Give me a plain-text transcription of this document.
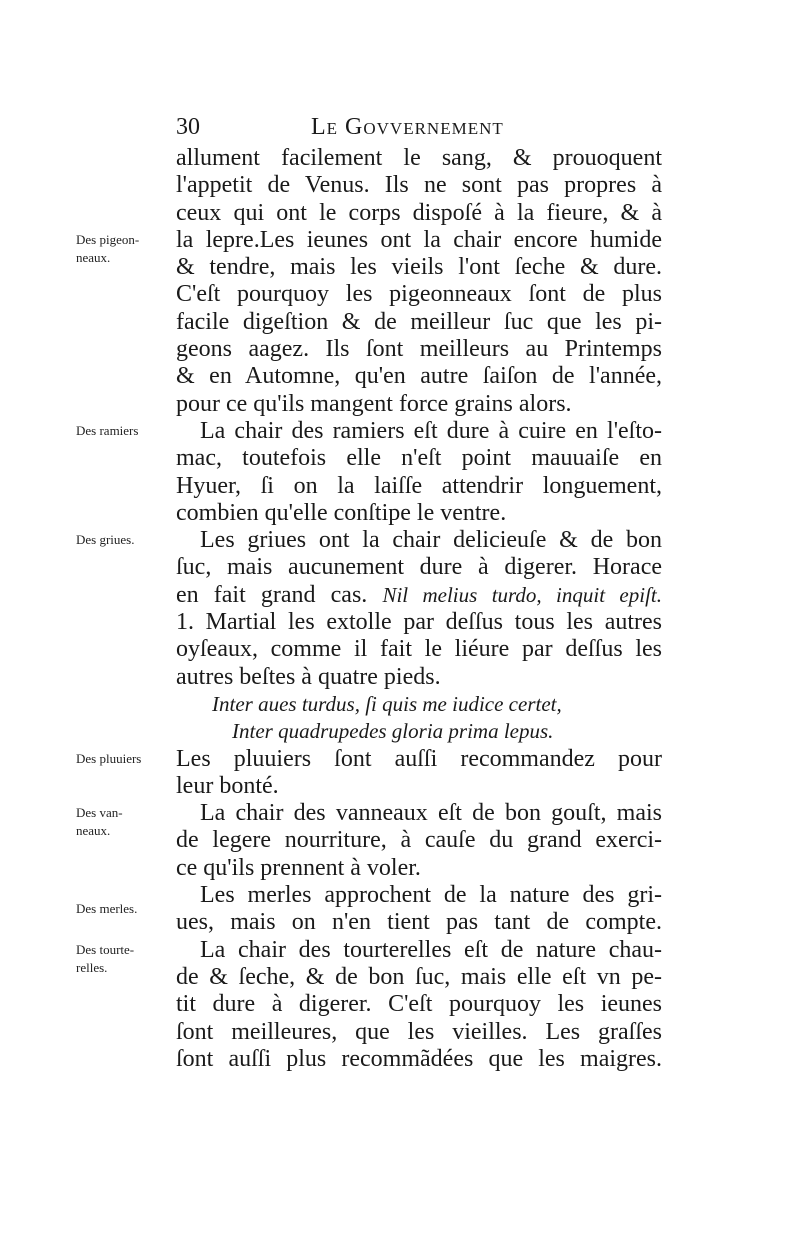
30	Le Govvernement
allument facilement le sang, & prouoquent
l'appetit de Venus. Ils ne sont pas propres à
ceux qui ont le corps dispoſé à la fieure, & à
la lepre.Les ieunes ont la chair encore humide
& tendre, mais les vieils l'ont ſeche & dure.
C'eſt pourquoy les pigeonneaux ſont de plus
facile digeſtion & de meilleur ſuc que les pi-
geons aagez. Ils ſont meilleurs au Printemps
& en Automne, qu'en autre ſaiſon de l'année,
pour ce qu'ils mangent force grains alors.
La chair des ramiers eſt dure à cuire en l'eſto-
mac, toutefois elle n'eſt point mauuaiſe en
Hyuer, ſi on la laiſſe attendrir longuement,
combien qu'elle conſtipe le ventre.
Les griues ont la chair delicieuſe & de bon
ſuc, mais aucunement dure à digerer. Horace
en fait grand cas. Nil melius turdo, inquit epiſt.
1. Martial les extolle par deſſus tous les autres
oyſeaux, comme il fait le liéure par deſſus les
autres beſtes à quatre pieds.
Inter aues turdus, ſi quis me iudice certet,
Inter quadrupedes gloria prima lepus.
Les pluuiers ſont auſſi recommandez pour
leur bonté.
La chair des vanneaux eſt de bon gouſt, mais
de legere nourriture, à cauſe du grand exerci-
ce qu'ils prennent à voler.
Les merles approchent de la nature des gri-
ues, mais on n'en tient pas tant de compte.
La chair des tourterelles eſt de nature chau-
de & ſeche, & de bon ſuc, mais elle eſt vn pe-
tit dure à digerer. C'eſt pourquoy les ieunes
ſont meilleures, que les vieilles. Les graſſes
ſont auſſi plus recommãdées que les maigres.
Des pigeon-
neaux.
Des ramiers
Des griues.
Des pluuiers
Des van-
neaux.
Des merles.
Des tourte-
relles.
